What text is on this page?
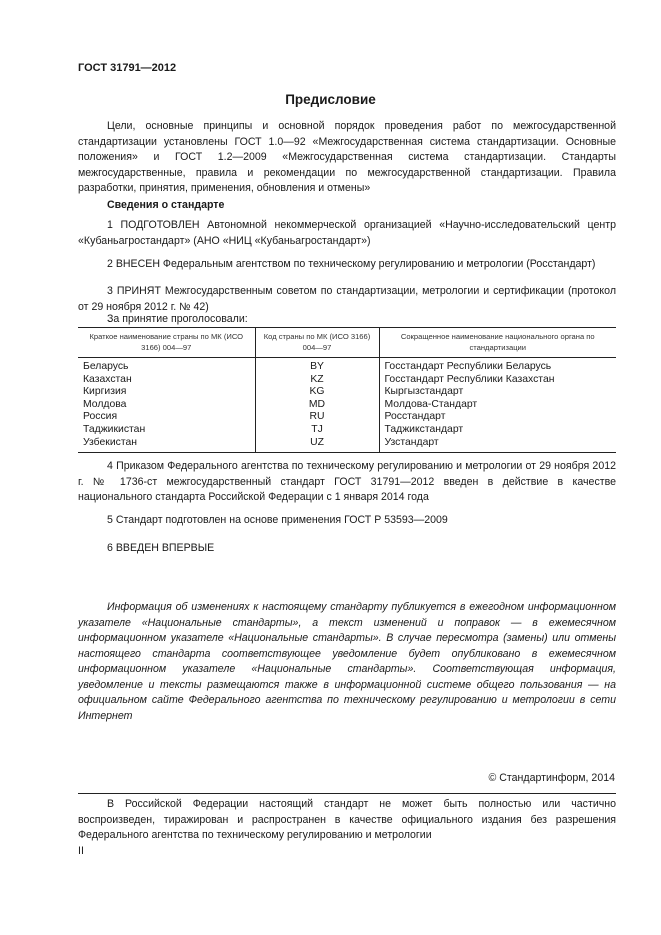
ГОСТ 31791—2012
Предисловие

Цели, основные принципы и основной порядок проведения работ по межгосударственной стандартизации установлены ГОСТ 1.0—92 «Межгосударственная система стандартизации. Основные положения» и ГОСТ 1.2—2009 «Межгосударственная система стандартизации. Стандарты межгосударственные, правила и рекомендации по межгосударственной стандартизации. Правила разработки, принятия, применения, обновления и отмены»

Сведения о стандарте

1 ПОДГОТОВЛЕН Автономной некоммерческой организацией «Научно-исследовательский центр «Кубаньагростандарт» (АНО «НИЦ «Кубаньагростандарт»)

2 ВНЕСЕН Федеральным агентством по техническому регулированию и метрологии (Росстандарт)

3 ПРИНЯТ Межгосударственным советом по стандартизации, метрологии и сертификации (протокол от 29 ноября 2012 г. № 42)

За принятие проголосовали:
Краткое наименование страны по МК (ИСО 3166) 004—97	Код страны по МК (ИСО 3166) 004—97	Сокращенное наименование национального органа по стандартизации
Беларусь	BY	Госстандарт Республики Беларусь
Казахстан	KZ	Госстандарт Республики Казахстан
Киргизия	KG	Кыргызстандарт
Молдова	MD	Молдова-Стандарт
Россия	RU	Росстандарт
Таджикистан	TJ	Таджикстандарт
Узбекистан	UZ	Узстандарт

4 Приказом Федерального агентства по техническому регулированию и метрологии от 29 ноября 2012 г. № 1736-ст межгосударственный стандарт ГОСТ 31791—2012 введен в действие в качестве национального стандарта Российской Федерации с 1 января 2014 года

5 Стандарт подготовлен на основе применения ГОСТ Р 53593—2009

6 ВВЕДЕН ВПЕРВЫЕ

Информация об изменениях к настоящему стандарту публикуется в ежегодном информационном указателе «Национальные стандарты», а текст изменений и поправок — в ежемесячном информационном указателе «Национальные стандарты». В случае пересмотра (замены) или отмены настоящего стандарта соответствующее уведомление будет опубликовано в ежемесячном информационном указателе «Национальные стандарты». Соответствующая информация, уведомление и тексты размещаются также в информационной системе общего пользования — на официальном сайте Федерального агентства по техническому регулированию и метрологии в сети Интернет

© Стандартинформ, 2014

В Российской Федерации настоящий стандарт не может быть полностью или частично воспроизведен, тиражирован и распространен в качестве официального издания без разрешения Федерального агентства по техническому регулированию и метрологии

II
